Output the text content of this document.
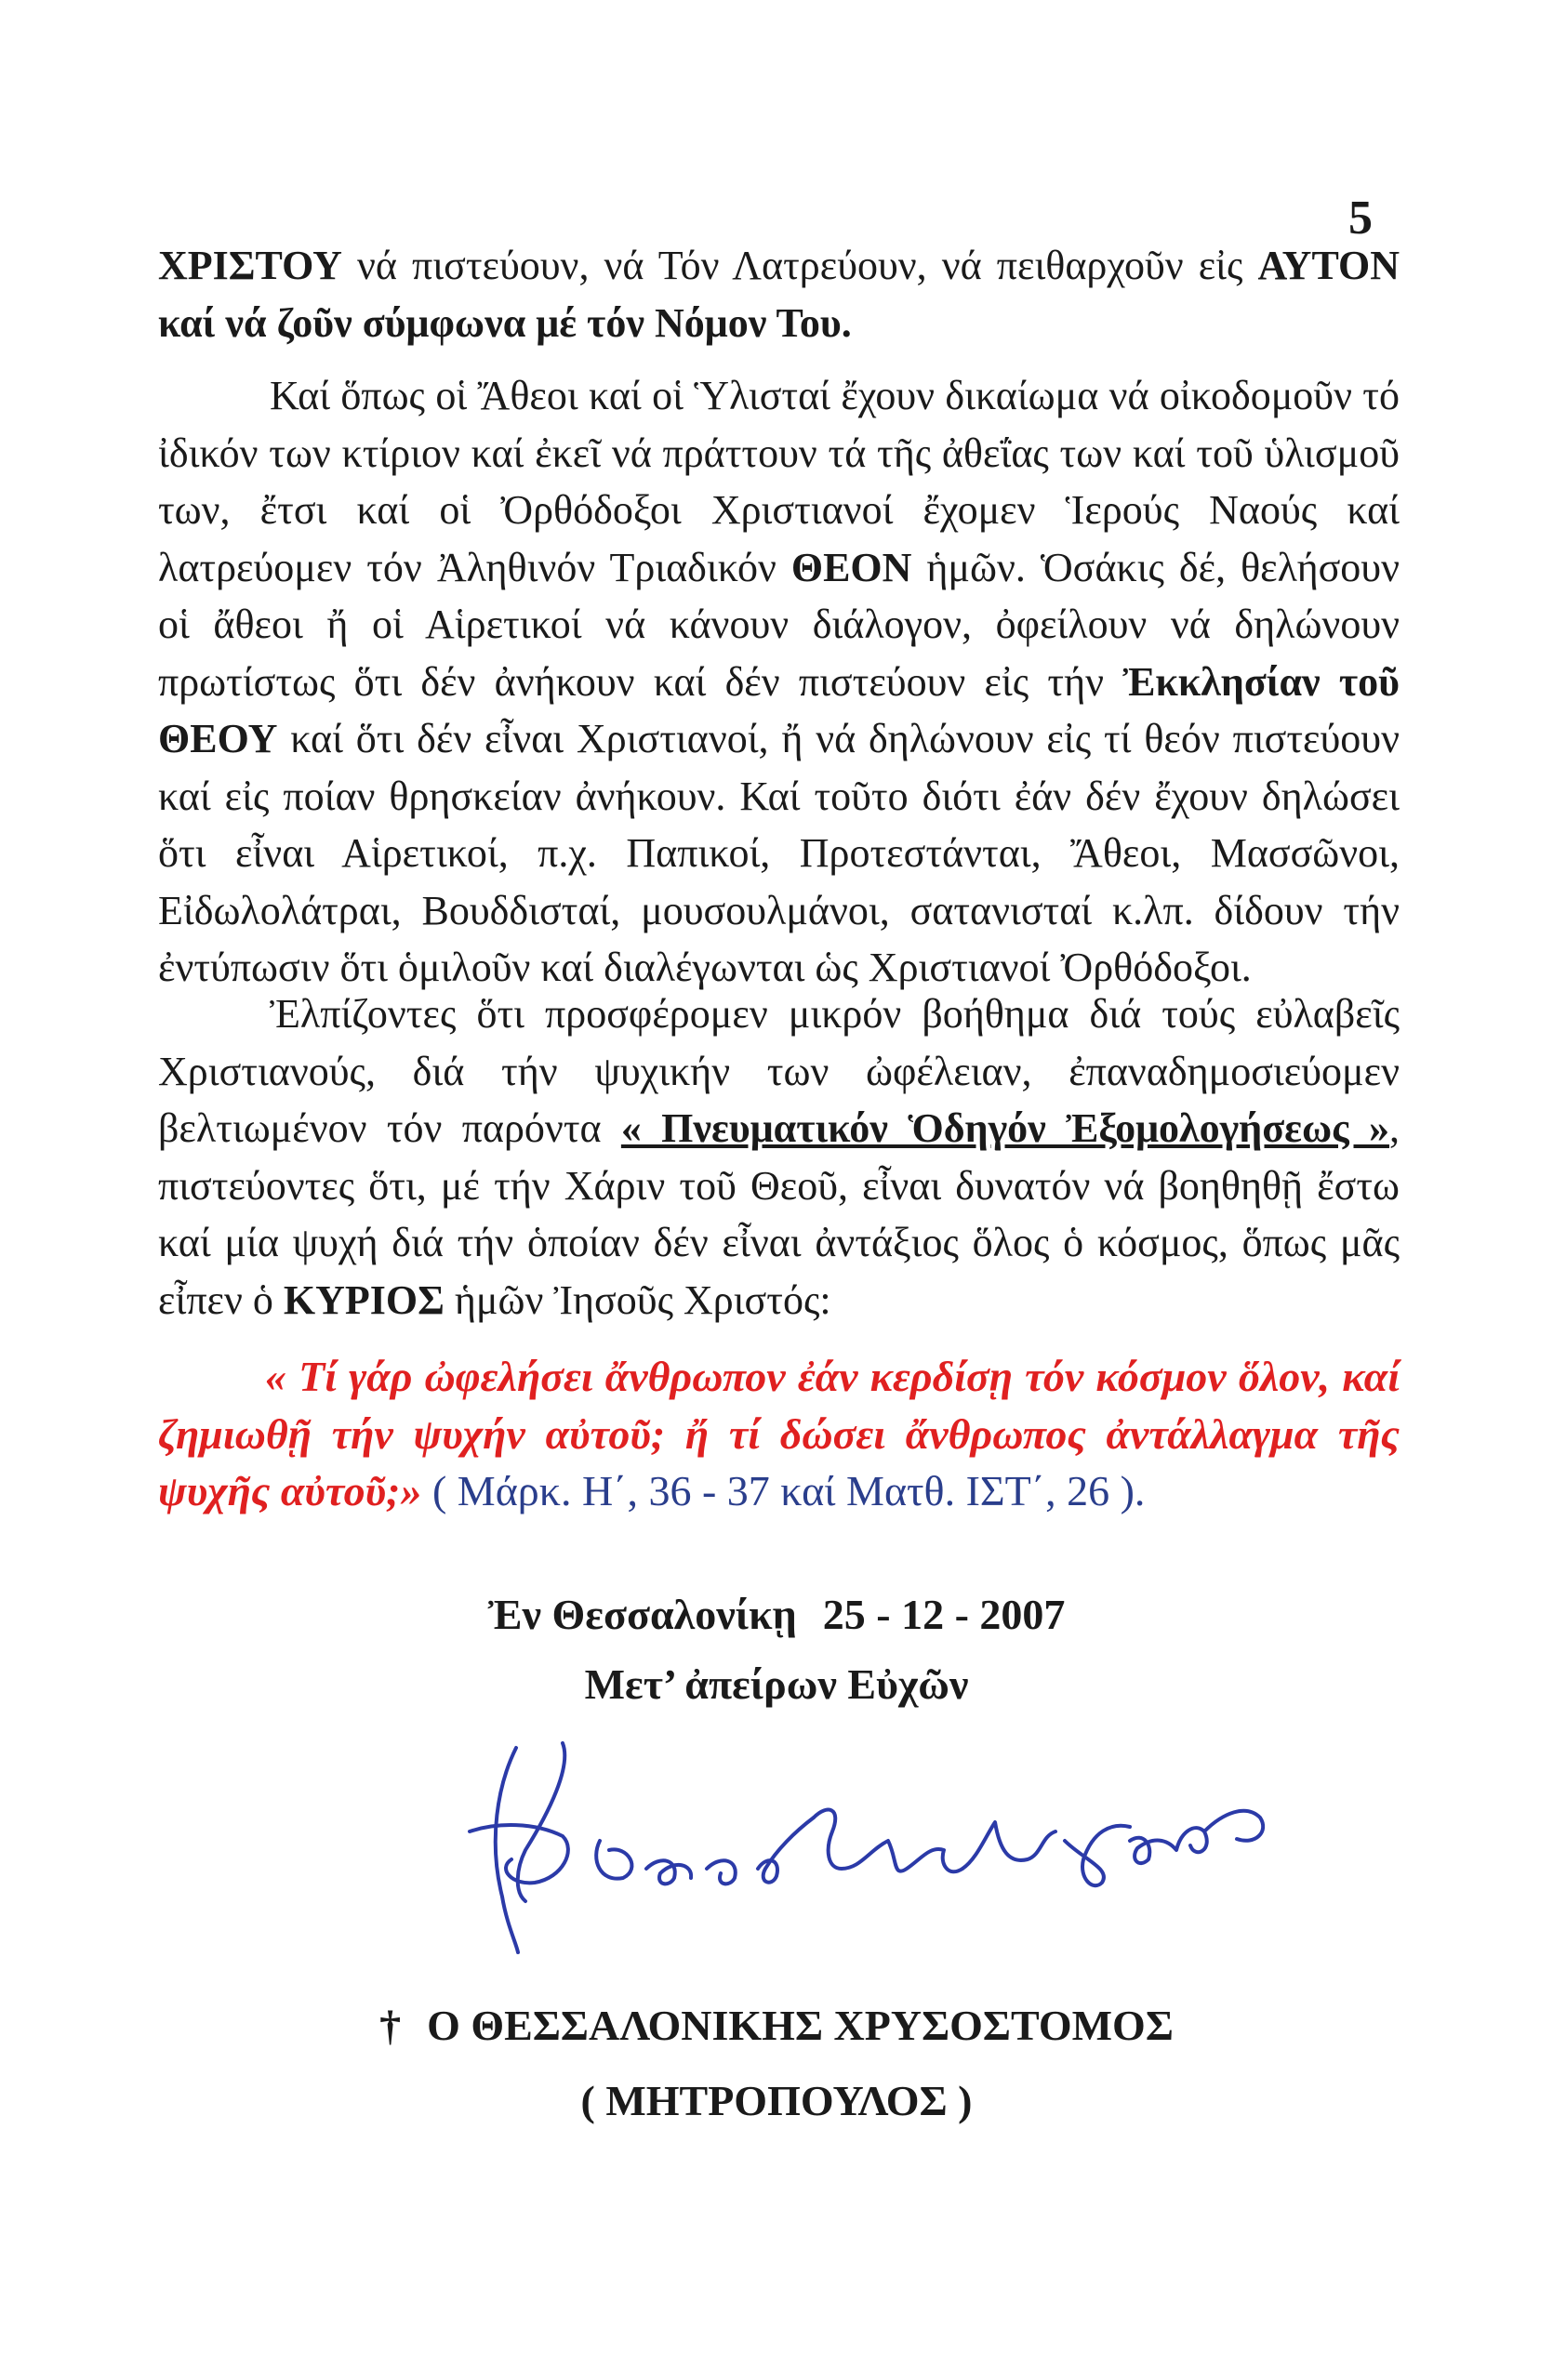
5

ΧΡΙΣΤΟΥ νά πιστεύουν, νά Τόν Λατρεύουν, νά πειθαρχοῦν εἰς ΑΥΤΟΝ καί νά ζοῦν σύμφωνα μέ τόν Νόμον Του.

Καί ὅπως οἱ Ἄθεοι καί οἱ Ὑλισταί ἔχουν δικαίωμα νά οἰκοδομοῦν τό ἰδικόν των κτίριον καί ἐκεῖ νά πράττουν τά τῆς ἀθεΐας των καί τοῦ ὑλισμοῦ των, ἔτσι καί οἱ Ὀρθόδοξοι Χριστιανοί ἔχομεν Ἱερούς Ναούς καί λατρεύομεν τόν Ἀληθινόν Τριαδικόν ΘΕΟΝ ἡμῶν. Ὁσάκις δέ, θελήσουν οἱ ἄθεοι ἤ οἱ Αἱρετικοί νά κάνουν διάλογον, ὀφείλουν νά δηλώνουν πρωτίστως ὅτι δέν ἀνήκουν καί δέν πιστεύουν εἰς τήν Ἐκκλησίαν τοῦ ΘΕΟΥ καί ὅτι δέν εἶναι Χριστιανοί, ἤ νά δηλώνουν εἰς τί θεόν πιστεύουν καί εἰς ποίαν θρησκείαν ἀνήκουν. Καί τοῦτο διότι ἐάν δέν ἔχουν δηλώσει ὅτι εἶναι Αἱρετικοί, π.χ. Παπικοί, Προτεστάνται, Ἄθεοι, Μασσῶνοι, Εἰδωλολάτραι, Βουδδισταί, μουσουλμάνοι, σατανισταί κ.λπ. δίδουν τήν ἐντύπωσιν ὅτι ὁμιλοῦν καί διαλέγωνται ὡς Χριστιανοί Ὀρθόδοξοι.

Ἐλπίζοντες ὅτι προσφέρομεν μικρόν βοήθημα διά τούς εὐλαβεῖς Χριστιανούς, διά τήν ψυχικήν των ὠφέλειαν, ἐπαναδημοσιεύομεν βελτιωμένον τόν παρόντα « Πνευματικόν Ὁδηγόν Ἐξομολογήσεως », πιστεύοντες ὅτι, μέ τήν Χάριν τοῦ Θεοῦ, εἶναι δυνατόν νά βοηθηθῇ ἔστω καί μία ψυχή διά τήν ὁποίαν δέν εἶναι ἀντάξιος ὅλος ὁ κόσμος, ὅπως μᾶς εἶπεν ὁ ΚΥΡΙΟΣ ἡμῶν Ἰησοῦς Χριστός:

« Τί γάρ ὠφελήσει ἄνθρωπον ἐάν κερδίσῃ τόν κόσμον ὅλον, καί ζημιωθῇ τήν ψυχήν αὐτοῦ; ἤ τί δώσει ἄνθρωπος ἀντάλλαγμα τῆς ψυχῆς αὐτοῦ;» ( Μάρκ. Η΄, 36 - 37 καί Ματθ. ΙΣΤ΄, 26 ).
Ἐν Θεσσαλονίκῃ 25 - 12 - 2007
Μετ’ ἀπείρων Εὐχῶν
† Ο ΘΕΣΣΑΛΟΝΙΚΗΣ ΧΡΥΣΟΣΤΟΜΟΣ
( ΜΗΤΡΟΠΟΥΛΟΣ )
